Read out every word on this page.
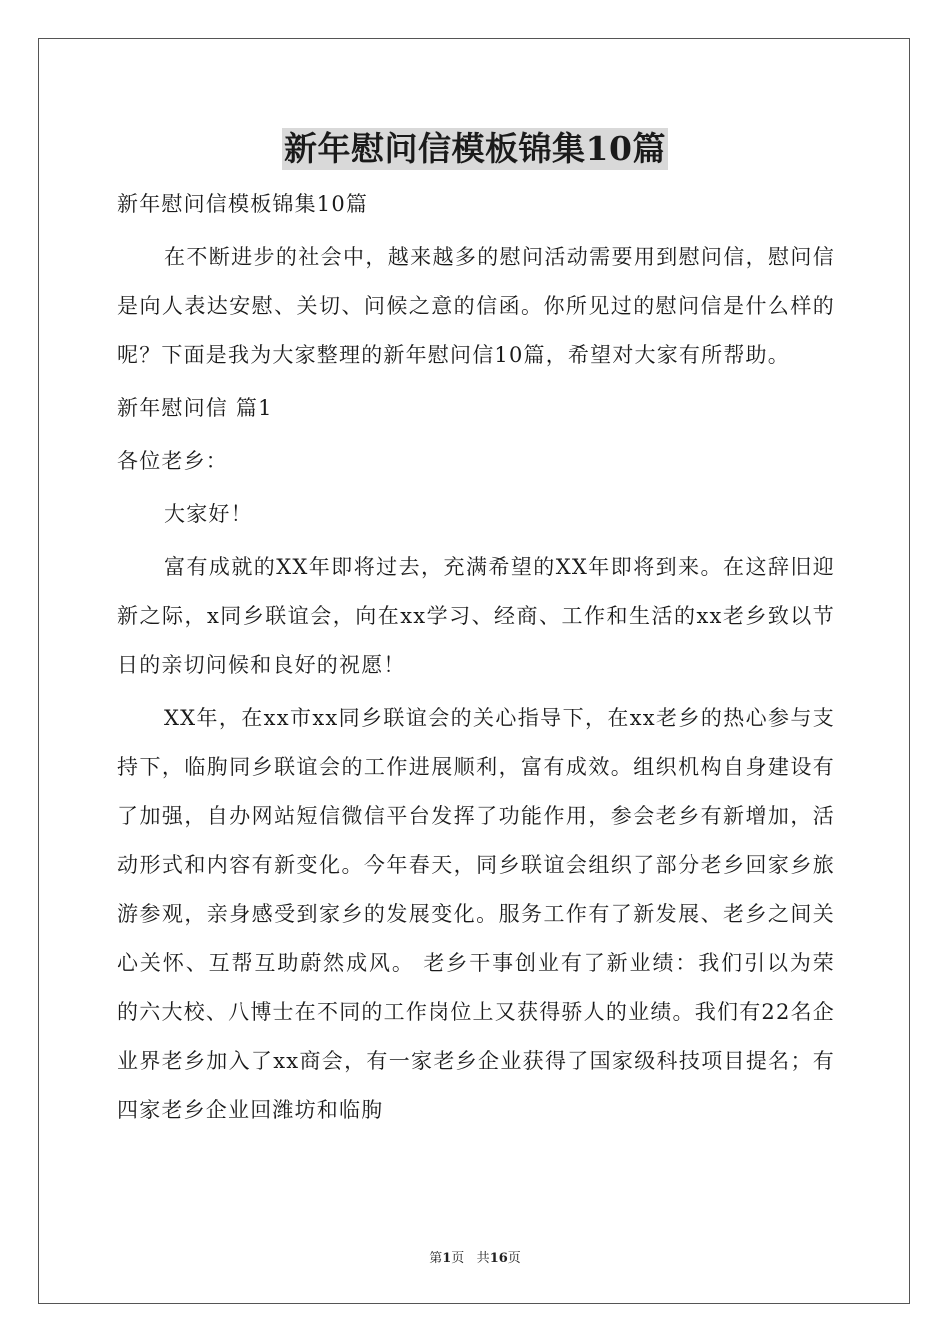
新年慰问信模板锦集10篇

新年慰问信模板锦集10篇

在不断进步的社会中，越来越多的慰问活动需要用到慰问信，慰问信是向人表达安慰、关切、问候之意的信函。你所见过的慰问信是什么样的呢？下面是我为大家整理的新年慰问信10篇，希望对大家有所帮助。

新年慰问信 篇1

各位老乡：

大家好！

富有成就的XX年即将过去，充满希望的XX年即将到来。在这辞旧迎新之际，x同乡联谊会，向在xx学习、经商、工作和生活的xx老乡致以节日的亲切问候和良好的祝愿！

XX年，在xx市xx同乡联谊会的关心指导下，在xx老乡的热心参与支持下，临朐同乡联谊会的工作进展顺利，富有成效。组织机构自身建设有了加强，自办网站短信微信平台发挥了功能作用，参会老乡有新增加，活动形式和内容有新变化。今年春天，同乡联谊会组织了部分老乡回家乡旅游参观，亲身感受到家乡的发展变化。服务工作有了新发展、老乡之间关心关怀、互帮互助蔚然成风。 老乡干事创业有了新业绩：我们引以为荣的六大校、八博士在不同的工作岗位上又获得骄人的业绩。我们有22名企业界老乡加入了xx商会，有一家老乡企业获得了国家级科技项目提名；有四家老乡企业回潍坊和临朐

第1页 共16页
